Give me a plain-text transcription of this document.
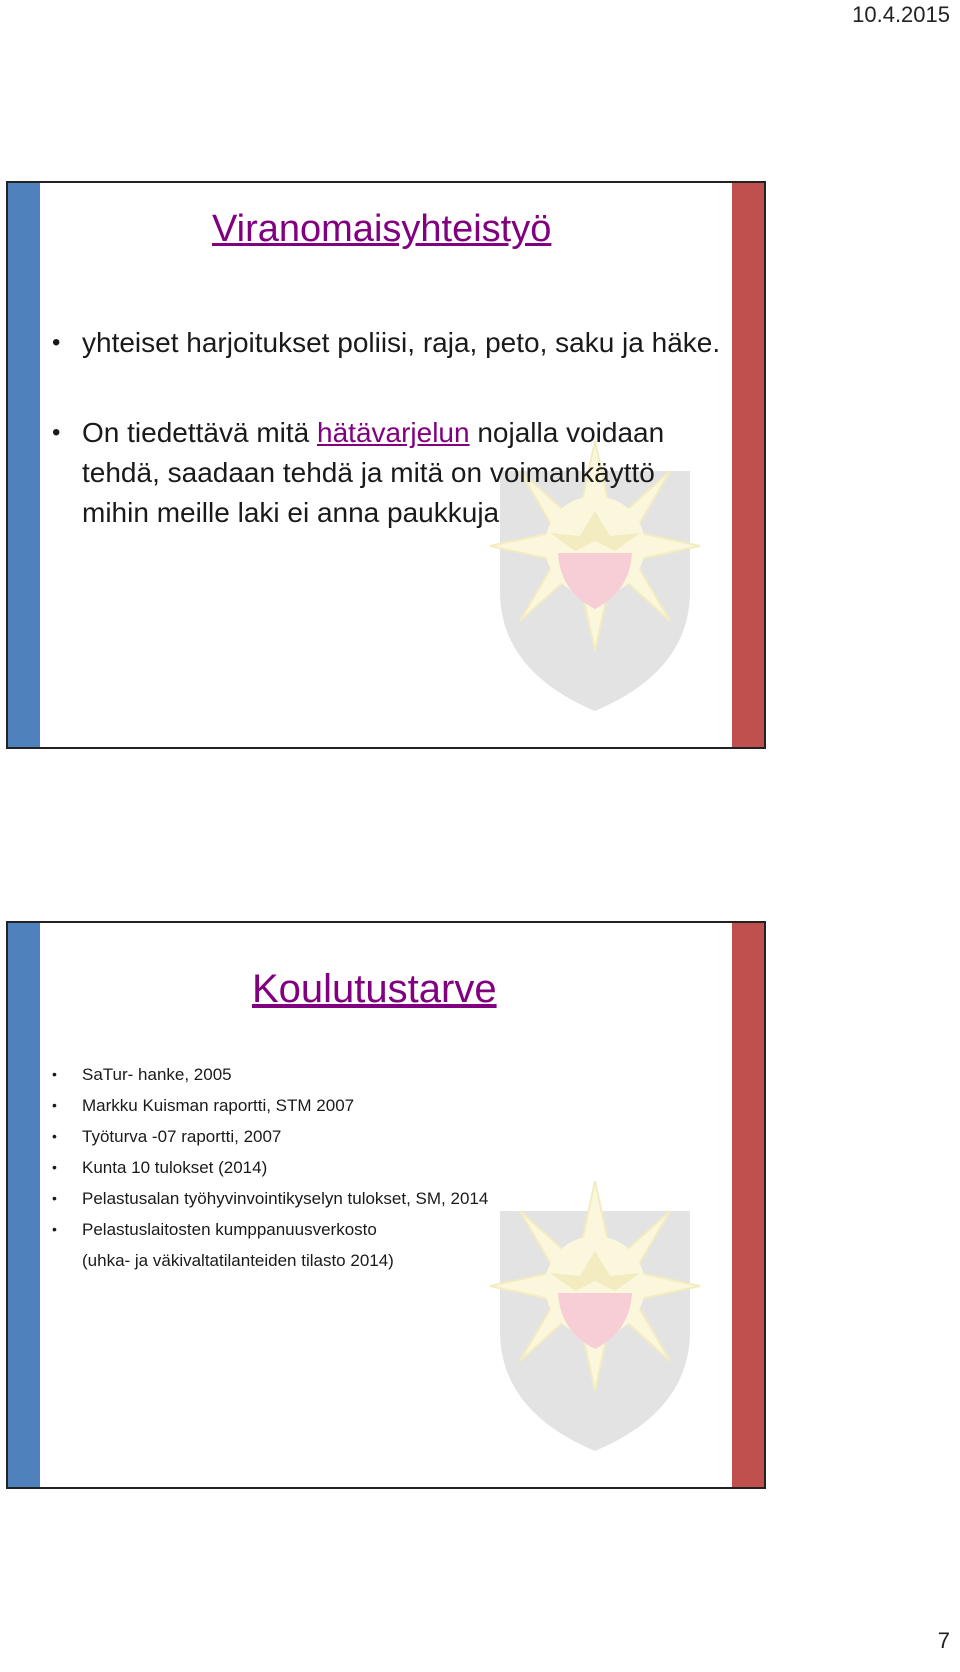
10.4.2015
Viranomaisyhteistyö
• yhteiset harjoitukset poliisi, raja, peto, saku ja häke.
• On tiedettävä mitä hätävarjelun nojalla voidaan tehdä, saadaan tehdä ja mitä on voimankäyttö mihin meille laki ei anna paukkuja
Koulutustarve
• SaTur- hanke, 2005
• Markku Kuisman raportti, STM 2007
• Työturva -07 raportti, 2007
• Kunta 10 tulokset (2014)
• Pelastusalan työhyvinvointikyselyn tulokset, SM, 2014
• Pelastuslaitosten kumppanuusverkosto
(uhka- ja väkivaltatilanteiden tilasto 2014)
7
